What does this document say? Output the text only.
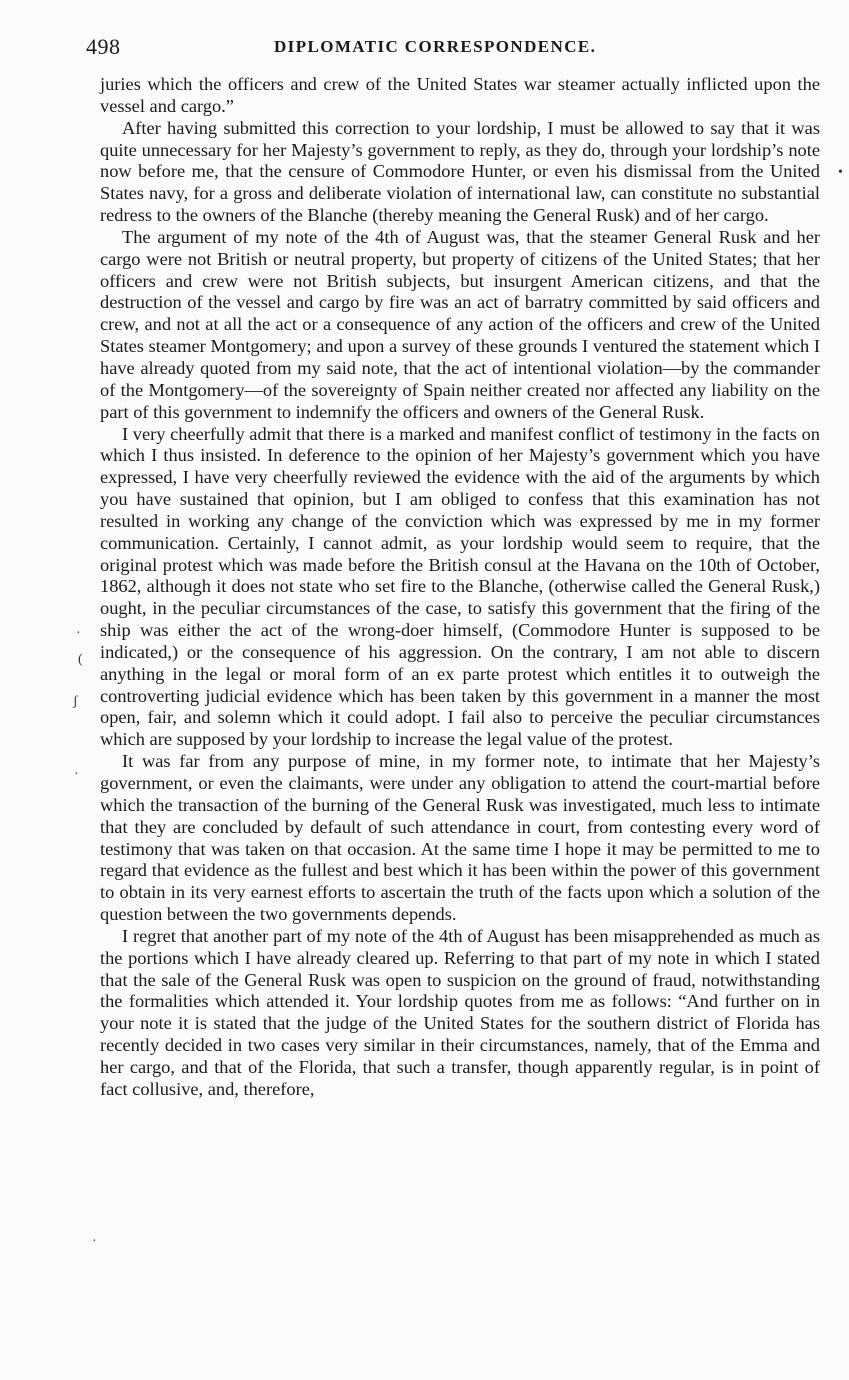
498	DIPLOMATIC CORRESPONDENCE.

juries which the officers and crew of the United States war steamer actually inflicted upon the vessel and cargo.”

After having submitted this correction to your lordship, I must be allowed to say that it was quite unnecessary for her Majesty’s government to reply, as they do, through your lordship’s note now before me, that the censure of Commodore Hunter, or even his dismissal from the United States navy, for a gross and deliberate violation of international law, can constitute no substantial redress to the owners of the Blanche (thereby meaning the General Rusk) and of her cargo.

The argument of my note of the 4th of August was, that the steamer General Rusk and her cargo were not British or neutral property, but property of citizens of the United States; that her officers and crew were not British subjects, but insurgent American citizens, and that the destruction of the vessel and cargo by fire was an act of barratry committed by said officers and crew, and not at all the act or a consequence of any action of the officers and crew of the United States steamer Montgomery; and upon a survey of these grounds I ventured the statement which I have already quoted from my said note, that the act of intentional violation—by the commander of the Montgomery—of the sovereignty of Spain neither created nor affected any liability on the part of this government to indemnify the officers and owners of the General Rusk.

I very cheerfully admit that there is a marked and manifest conflict of testimony in the facts on which I thus insisted. In deference to the opinion of her Majesty’s government which you have expressed, I have very cheerfully reviewed the evidence with the aid of the arguments by which you have sustained that opinion, but I am obliged to confess that this examination has not resulted in working any change of the conviction which was expressed by me in my former communication. Certainly, I cannot admit, as your lordship would seem to require, that the original protest which was made before the British consul at the Havana on the 10th of October, 1862, although it does not state who set fire to the Blanche, (otherwise called the General Rusk,) ought, in the peculiar circumstances of the case, to satisfy this government that the firing of the ship was either the act of the wrong-doer himself, (Commodore Hunter is supposed to be indicated,) or the consequence of his aggression. On the contrary, I am not able to discern anything in the legal or moral form of an ex parte protest which entitles it to outweigh the controverting judicial evidence which has been taken by this government in a manner the most open, fair, and solemn which it could adopt. I fail also to perceive the peculiar circumstances which are supposed by your lordship to increase the legal value of the protest.

It was far from any purpose of mine, in my former note, to intimate that her Majesty’s government, or even the claimants, were under any obligation to attend the court-martial before which the transaction of the burning of the General Rusk was investigated, much less to intimate that they are concluded by default of such attendance in court, from contesting every word of testimony that was taken on that occasion. At the same time I hope it may be permitted to me to regard that evidence as the fullest and best which it has been within the power of this government to obtain in its very earnest efforts to ascertain the truth of the facts upon which a solution of the question between the two governments depends.

I regret that another part of my note of the 4th of August has been misapprehended as much as the portions which I have already cleared up. Referring to that part of my note in which I stated that the sale of the General Rusk was open to suspicion on the ground of fraud, notwithstanding the formalities which attended it. Your lordship quotes from me as follows: “And further on in your note it is stated that the judge of the United States for the southern district of Florida has recently decided in two cases very similar in their circumstances, namely, that of the Emma and her cargo, and that of the Florida, that such a transfer, though apparently regular, is in point of fact collusive, and, therefore,

·
(
ʃ
·
•
·
